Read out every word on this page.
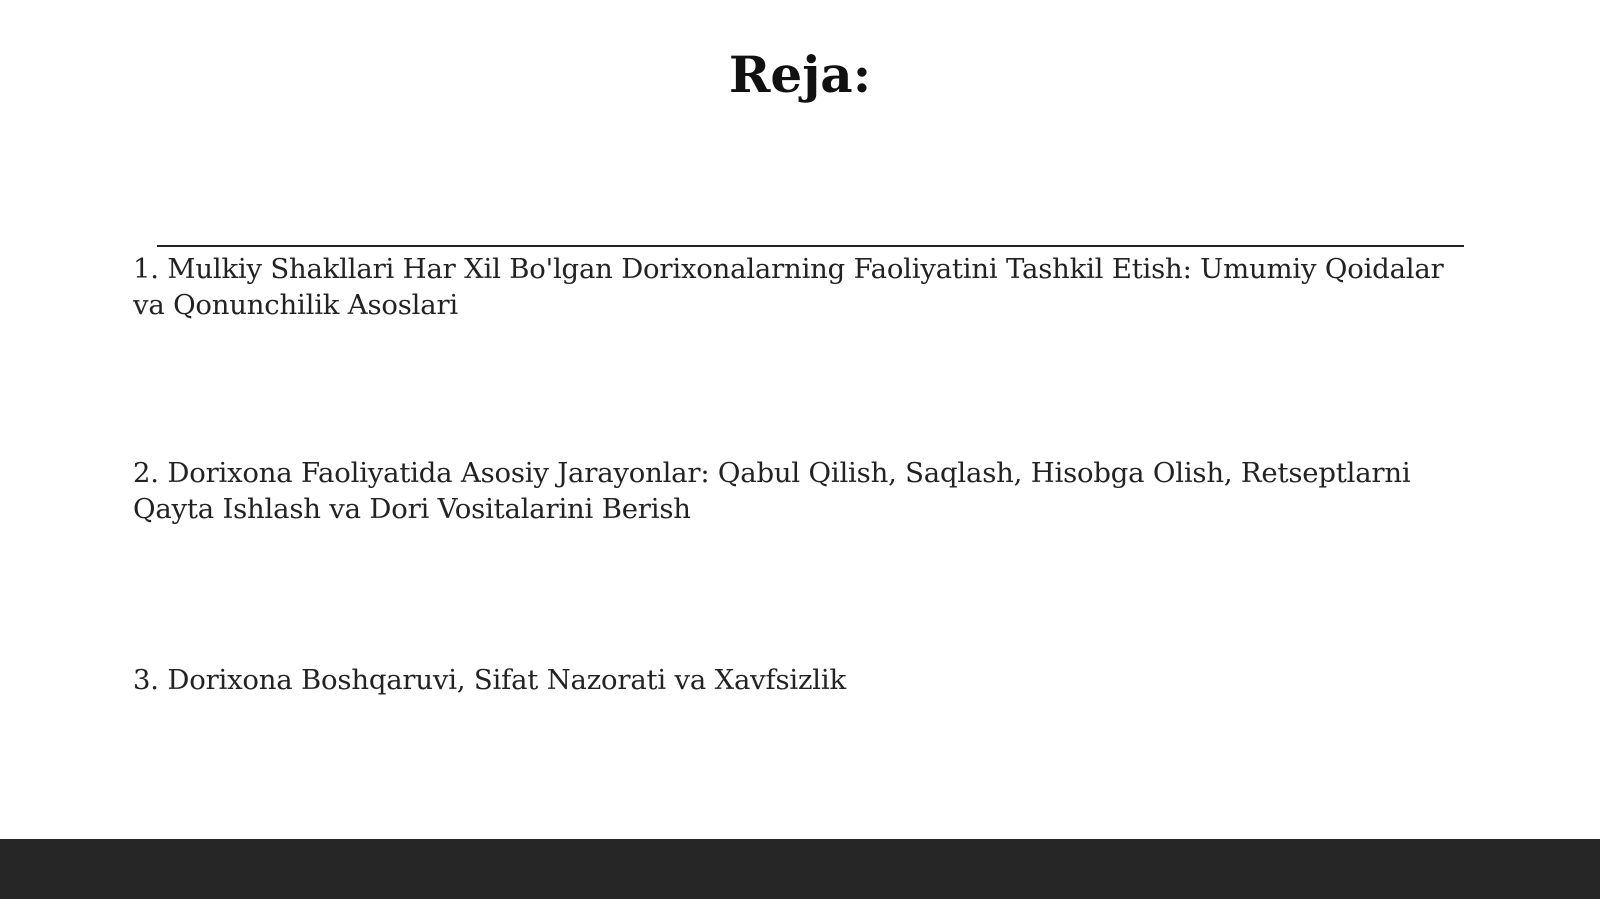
Reja:
1. Mulkiy Shakllari Har Xil Bo'lgan Dorixonalarning Faoliyatini Tashkil Etish: Umumiy Qoidalar va Qonunchilik Asoslari
2. Dorixona Faoliyatida Asosiy Jarayonlar: Qabul Qilish, Saqlash, Hisobga Olish, Retseptlarni Qayta Ishlash va Dori Vositalarini Berish
3. Dorixona Boshqaruvi, Sifat Nazorati va Xavfsizlik
